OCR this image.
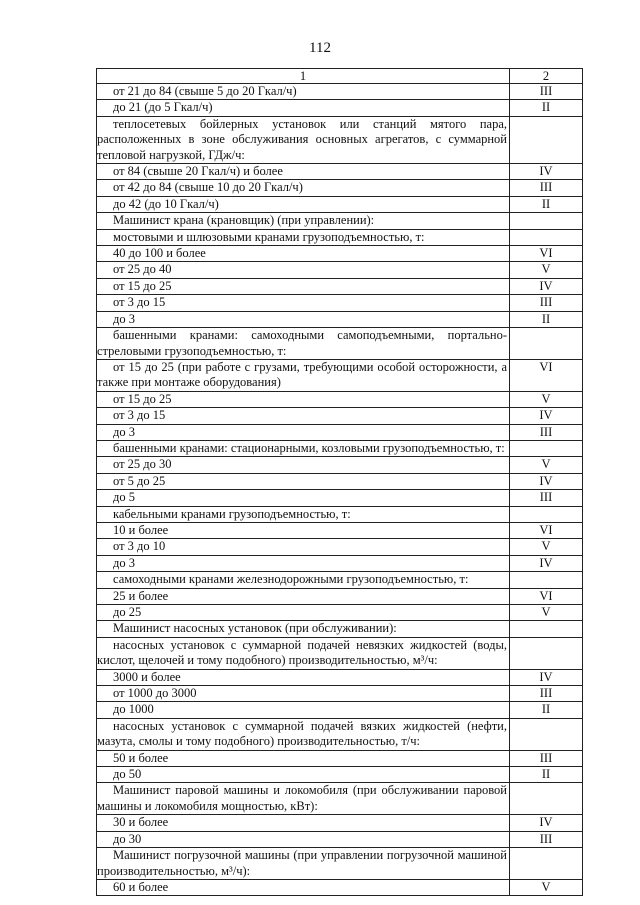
112
1	2
от 21 до 84 (свыше 5 до 20 Гкал/ч)	III
до 21 (до 5 Гкал/ч)	II
теплосетевых бойлерных установок или станций мятого пара, расположенных в зоне обслуживания основных агрегатов, с суммарной тепловой нагрузкой, ГДж/ч:	
от 84 (свыше 20 Гкал/ч) и более	IV
от 42 до 84 (свыше 10 до 20 Гкал/ч)	III
до 42 (до 10 Гкал/ч)	II
Машинист крана (крановщик) (при управлении):	
мостовыми и шлюзовыми кранами грузоподъемностью, т:	
40 до 100 и более	VI
от 25 до 40	V
от 15 до 25	IV
от 3 до 15	III
до 3	II
башенными кранами: самоходными самоподъемными, портально-стреловыми грузоподъемностью, т:	
от 15 до 25 (при работе с грузами, требующими особой осторожности, а также при монтаже оборудования)	VI
от 15 до 25	V
от 3 до 15	IV
до 3	III
башенными кранами: стационарными, козловыми грузоподъемностью, т:	
от 25 до 30	V
от 5 до 25	IV
до 5	III
кабельными кранами грузоподъемностью, т:	
10 и более	VI
от 3 до 10	V
до 3	IV
самоходными кранами железнодорожными грузоподъемностью, т:	
25 и более	VI
до 25	V
Машинист насосных установок (при обслуживании):	
насосных установок с суммарной подачей невязких жидкостей (воды, кислот, щелочей и тому подобного) производительностью, м³/ч:	
3000 и более	IV
от 1000 до 3000	III
до 1000	II
насосных установок с суммарной подачей вязких жидкостей (нефти, мазута, смолы и тому подобного) производительностью, т/ч:	
50 и более	III
до 50	II
Машинист паровой машины и локомобиля (при обслуживании паровой машины и локомобиля мощностью, кВт):	
30 и более	IV
до 30	III
Машинист погрузочной машины (при управлении погрузочной машиной производительностью, м³/ч):	
60 и более	V
